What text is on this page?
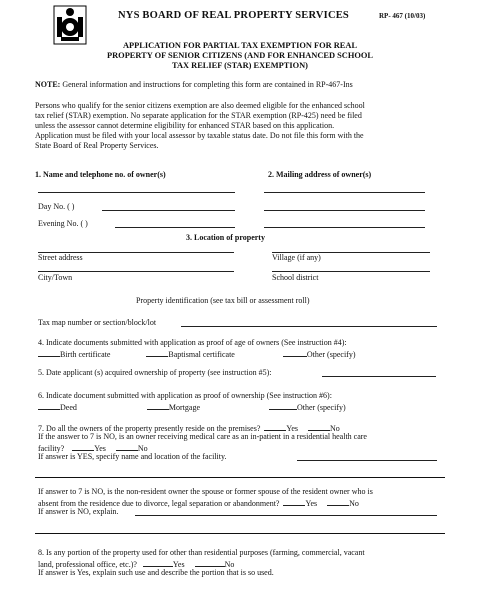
NYS BOARD OF REAL PROPERTY SERVICES	RP- 467 (10/03)
APPLICATION FOR PARTIAL TAX EXEMPTION FOR REAL
PROPERTY OF SENIOR CITIZENS (AND FOR ENHANCED SCHOOL
TAX RELIEF (STAR) EXEMPTION)
NOTE: General information and instructions for completing this form are contained in RP-467-Ins
Persons who qualify for the senior citizens exemption are also deemed eligible for the enhanced school
tax relief (STAR) exemption. No separate application for the STAR exemption (RP-425) need be filed
unless the assessor cannot determine eligibility for enhanced STAR based on this application.
Application must be filed with your local assessor by taxable status date. Do not file this form with the
State Board of Real Property Services.
1. Name and telephone no. of owner(s)	2. Mailing address of owner(s)
Day No. ( )
Evening No. ( )
3. Location of property
Street address	Village (if any)
City/Town	School district
Property identification (see tax bill or assessment roll)
Tax map number or section/block/lot
4. Indicate documents submitted with application as proof of age of owners (See instruction #4):
Birth certificate	Baptismal certificate	Other (specify)
5. Date applicant (s) acquired ownership of property (see instruction #5):
6. Indicate document submitted with application as proof of ownership (See instruction #6):
Deed	Mortgage	Other (specify)
7. Do all the owners of the property presently reside on the premises?	Yes	No
If the answer to 7 is NO, is an owner receiving medical care as an in-patient in a residential health care
facility?	Yes	No
If answer is YES, specify name and location of the facility.
If answer to 7 is NO, is the non-resident owner the spouse or former spouse of the resident owner who is
absent from the residence due to divorce, legal separation or abandonment?	Yes	No
If answer is NO, explain.
8. Is any portion of the property used for other than residential purposes (farming, commercial, vacant
land, professional office, etc.)?	Yes	No
If answer is Yes, explain such use and describe the portion that is so used.
